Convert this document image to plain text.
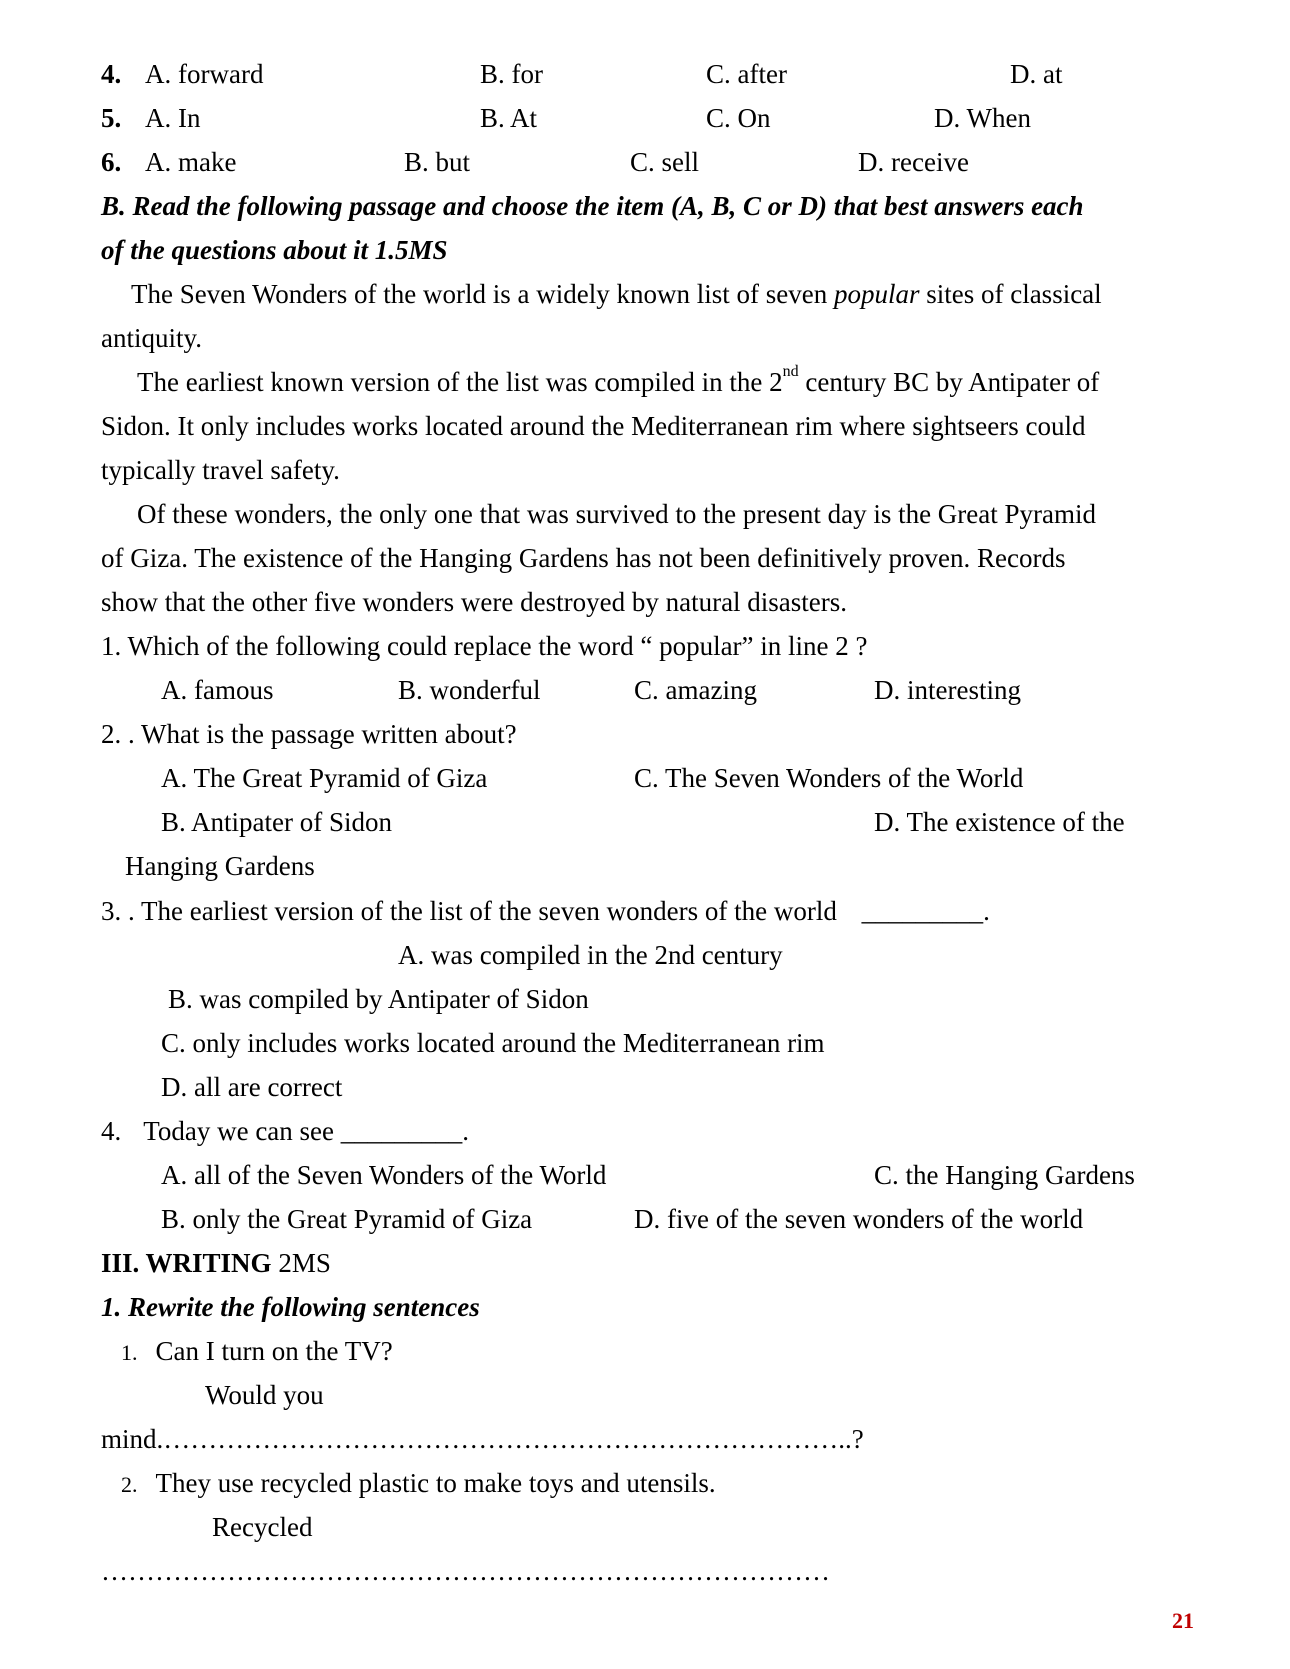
4. A. forward	B. for	C. after	D. at
5. A. In	B. At	C. On	D. When
6. A. make	B. but	C. sell	D. receive
B. Read the following passage and choose the item (A, B, C or D) that best answers each
of the questions about it 1.5MS
The Seven Wonders of the world is a widely known list of seven popular sites of classical
antiquity.
The earliest known version of the list was compiled in the 2nd century BC by Antipater of
Sidon. It only includes works located around the Mediterranean rim where sightseers could
typically travel safety.
Of these wonders, the only one that was survived to the present day is the Great Pyramid
of Giza. The existence of the Hanging Gardens has not been definitively proven. Records
show that the other five wonders were destroyed by natural disasters.
1. Which of the following could replace the word “ popular” in line 2 ?
A. famous	B. wonderful	C. amazing	D. interesting
2. . What is the passage written about?
A. The Great Pyramid of Giza	C. The Seven Wonders of the World
B. Antipater of Sidon	D. The existence of the
Hanging Gardens
3. . The earliest version of the list of the seven wonders of the world _________.
A. was compiled in the 2nd century
B. was compiled by Antipater of Sidon
C. only includes works located around the Mediterranean rim
D. all are correct
4. Today we can see _________.
A. all of the Seven Wonders of the World	C. the Hanging Gardens
B. only the Great Pyramid of Giza	D. five of the seven wonders of the world
III. WRITING 2MS
1. Rewrite the following sentences
1. Can I turn on the TV?
Would you
mind.…………………………………………………………………..?
2. They use recycled plastic to make toys and utensils.
Recycled
………………………………………………………………………
21
